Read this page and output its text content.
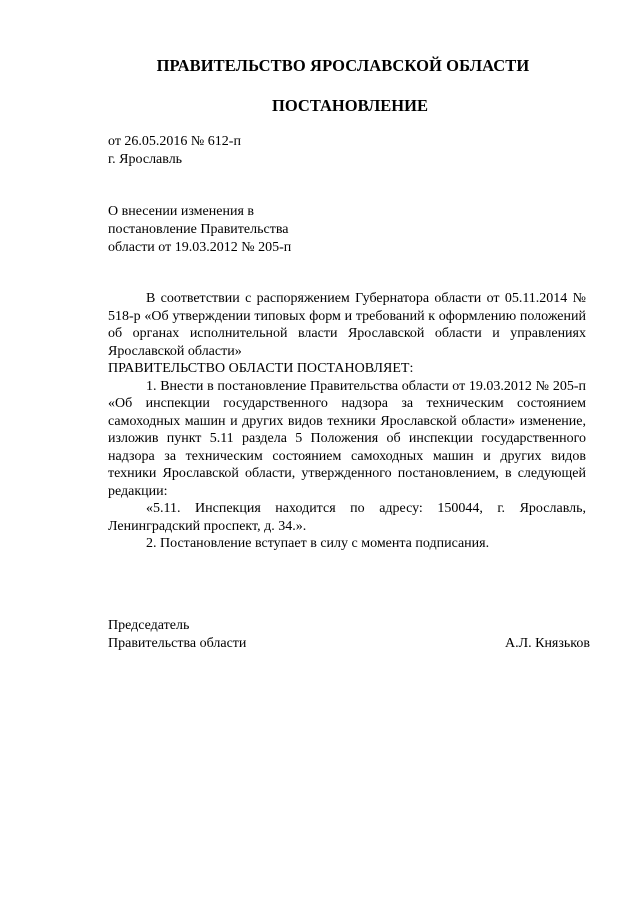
ПРАВИТЕЛЬСТВО ЯРОСЛАВСКОЙ ОБЛАСТИ
ПОСТАНОВЛЕНИЕ
от 26.05.2016 № 612-п
г. Ярославль
О внесении изменения в
постановление Правительства
области от 19.03.2012 № 205-п

В соответствии с распоряжением Губернатора области от 05.11.2014 № 518-р «Об утверждении типовых форм и требований к оформлению положений об органах исполнительной власти Ярославской области и управлениях Ярославской области»

ПРАВИТЕЛЬСТВО ОБЛАСТИ ПОСТАНОВЛЯЕТ:

1. Внести в постановление Правительства области от 19.03.2012 № 205-п «Об инспекции государственного надзора за техническим состоянием самоходных машин и других видов техники Ярославской области» изменение, изложив пункт 5.11 раздела 5 Положения об инспекции государственного надзора за техническим состоянием самоходных машин и других видов техники Ярославской области, утвержденного постановлением, в следующей редакции:

«5.11. Инспекция находится по адресу: 150044, г. Ярославль, Ленинградский проспект, д. 34.».

2. Постановление вступает в силу с момента подписания.

Председатель
Правительства области	А.Л. Князьков
